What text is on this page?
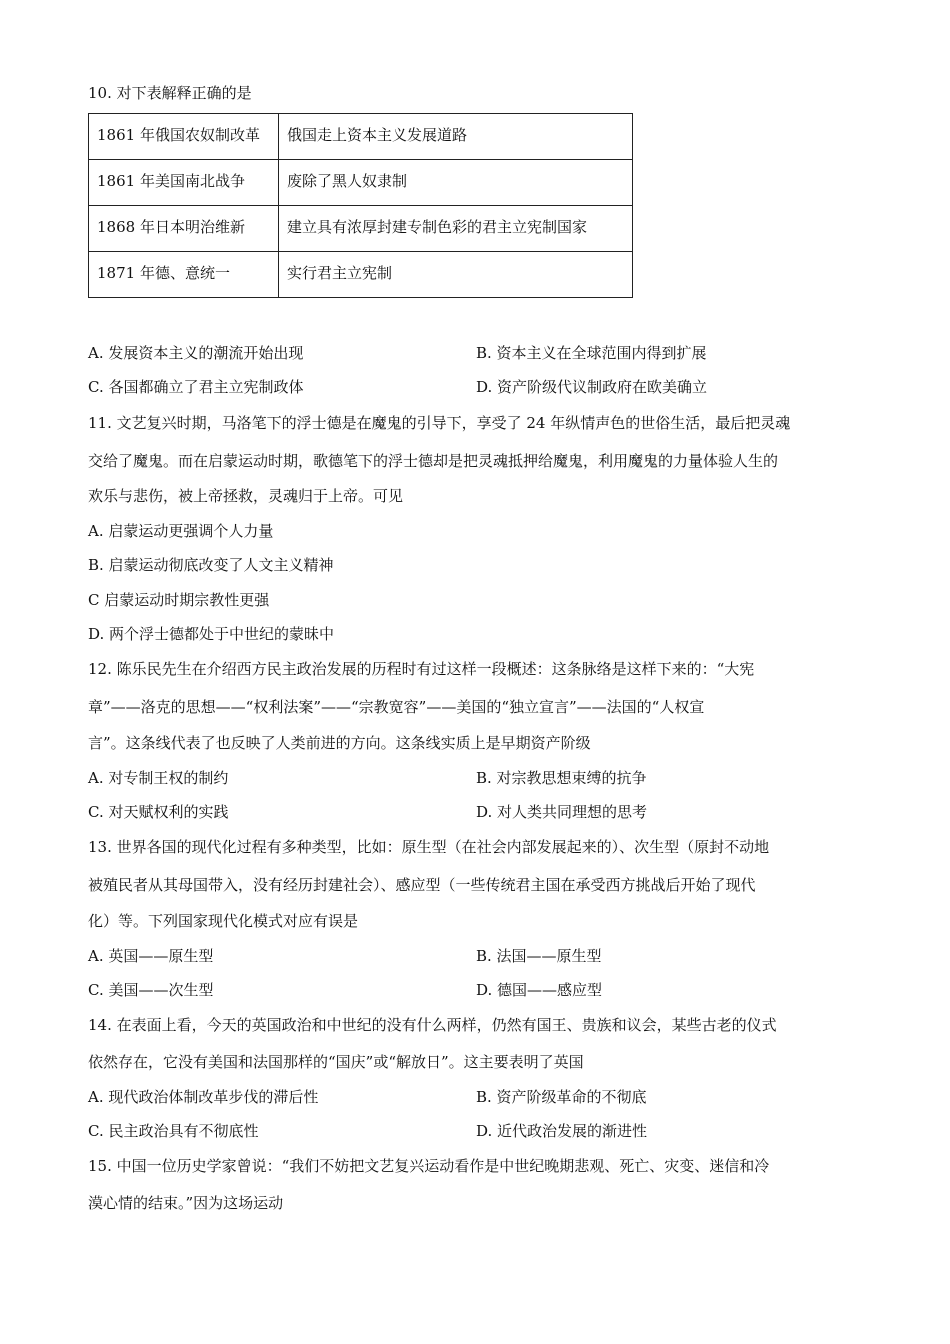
10. 对下表解释正确的是
1861 年俄国农奴制改革	俄国走上资本主义发展道路
1861 年美国南北战争	废除了黑人奴隶制
1868 年日本明治维新	建立具有浓厚封建专制色彩的君主立宪制国家
1871 年德、意统一	实行君主立宪制
A. 发展资本主义的潮流开始出现	B. 资本主义在全球范围内得到扩展
C. 各国都确立了君主立宪制政体	D. 资产阶级代议制政府在欧美确立
11. 文艺复兴时期，马洛笔下的浮士德是在魔鬼的引导下，享受了 24 年纵情声色的世俗生活，最后把灵魂
交给了魔鬼。而在启蒙运动时期，歌德笔下的浮士德却是把灵魂抵押给魔鬼，利用魔鬼的力量体验人生的
欢乐与悲伤，被上帝拯救，灵魂归于上帝。可见
A. 启蒙运动更强调个人力量
B. 启蒙运动彻底改变了人文主义精神
C 启蒙运动时期宗教性更强
D. 两个浮士德都处于中世纪的蒙昧中
12. 陈乐民先生在介绍西方民主政治发展的历程时有过这样一段概述：这条脉络是这样下来的：“大宪
章”——洛克的思想——“权利法案”——“宗教宽容”——美国的“独立宣言”——法国的“人权宣
言”。这条线代表了也反映了人类前进的方向。这条线实质上是早期资产阶级
A. 对专制王权的制约	B. 对宗教思想束缚的抗争
C. 对天赋权利的实践	D. 对人类共同理想的思考
13. 世界各国的现代化过程有多种类型，比如：原生型（在社会内部发展起来的）、次生型（原封不动地
被殖民者从其母国带入，没有经历封建社会）、感应型（一些传统君主国在承受西方挑战后开始了现代
化）等。下列国家现代化模式对应有误是
A. 英国——原生型	B. 法国——原生型
C. 美国——次生型	D. 德国——感应型
14. 在表面上看，今天的英国政治和中世纪的没有什么两样，仍然有国王、贵族和议会，某些古老的仪式
依然存在，它没有美国和法国那样的“国庆”或“解放日”。这主要表明了英国
A. 现代政治体制改革步伐的滞后性	B. 资产阶级革命的不彻底
C. 民主政治具有不彻底性	D. 近代政治发展的渐进性
15. 中国一位历史学家曾说：“我们不妨把文艺复兴运动看作是中世纪晚期悲观、死亡、灾变、迷信和冷
漠心情的结束。”因为这场运动
